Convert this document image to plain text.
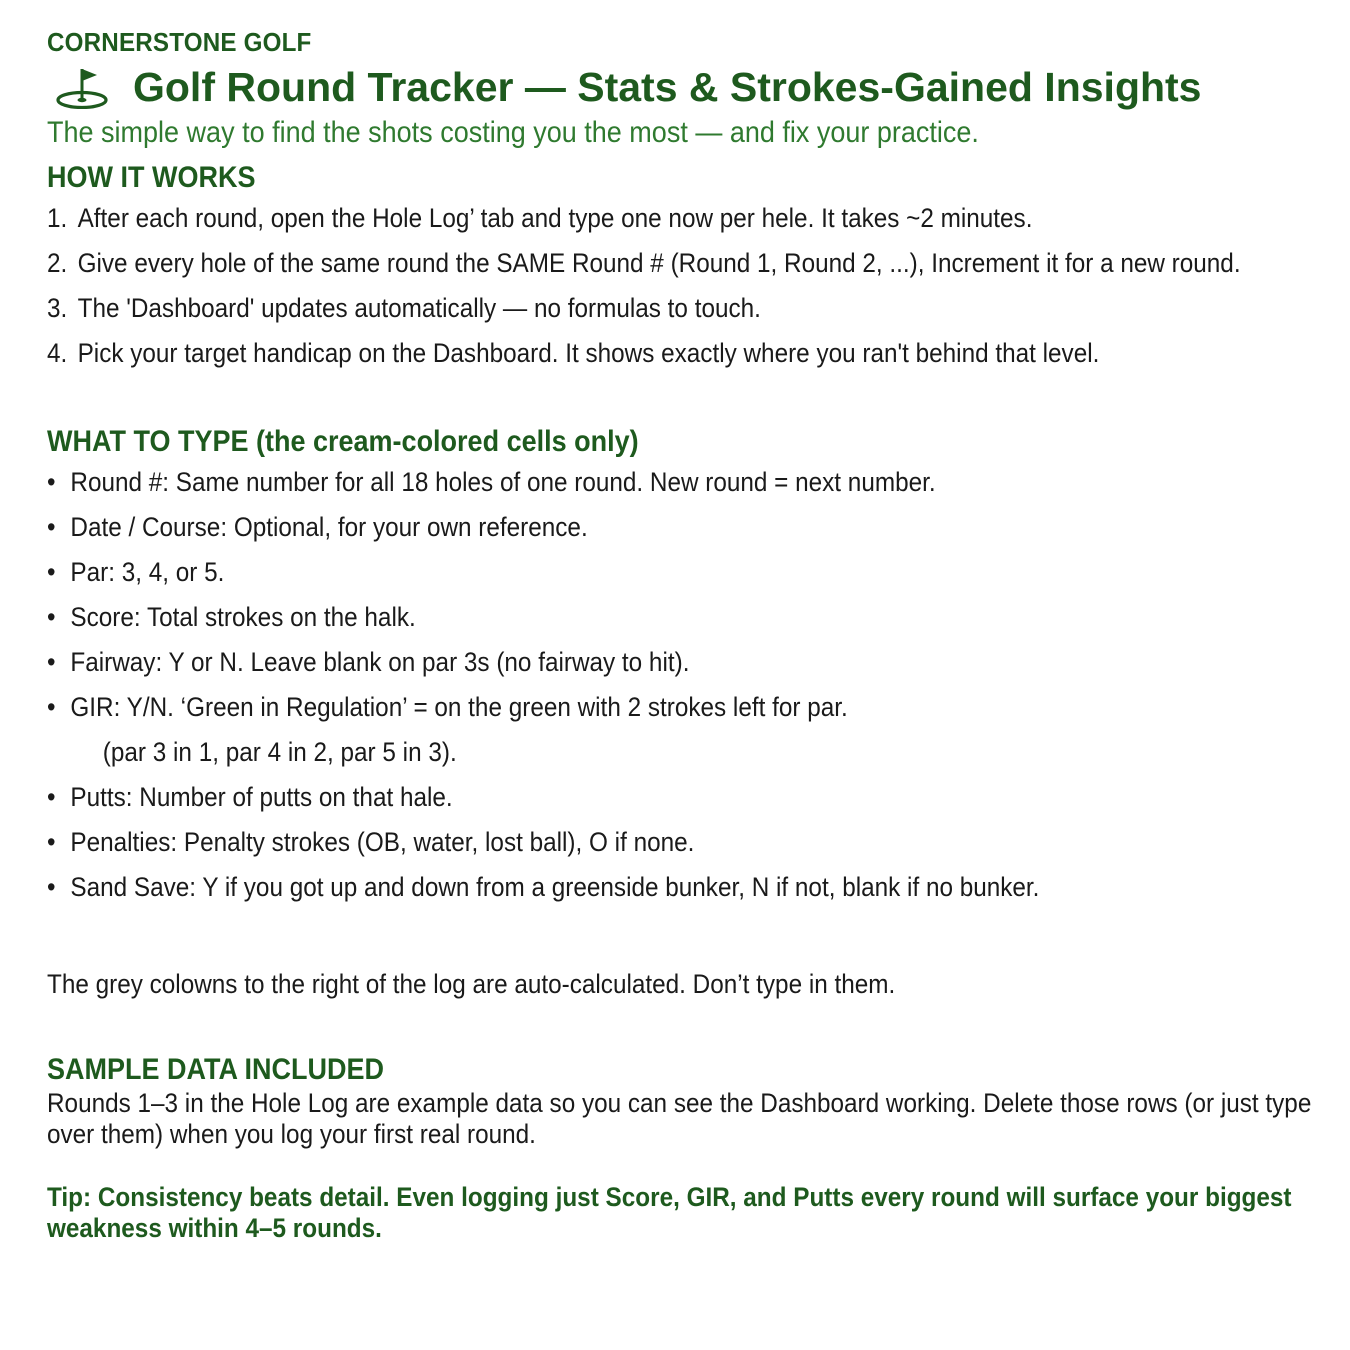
CORNERSTONE GOLF
Golf Round Tracker — Stats & Strokes-Gained Insights
The simple way to find the shots costing you the most — and fix your practice.
HOW IT WORKS
1. After each round, open the Hole Log’ tab and type one now per hele. It takes ~2 minutes.
2. Give every hole of the same round the SAME Round # (Round 1, Round 2, ...), Increment it for a new round.
3. The 'Dashboard' updates automatically — no formulas to touch.
4. Pick your target handicap on the Dashboard. It shows exactly where you ran't behind that level.
WHAT TO TYPE (the cream-colored cells only)
• Round #: Same number for all 18 holes of one round. New round = next number.
• Date / Course: Optional, for your own reference.
• Par: 3, 4, or 5.
• Score: Total strokes on the halk.
• Fairway: Y or N. Leave blank on par 3s (no fairway to hit).
• GIR: Y/N. ‘Green in Regulation’ = on the green with 2 strokes left for par.
(par 3 in 1, par 4 in 2, par 5 in 3).
• Putts: Number of putts on that hale.
• Penalties: Penalty strokes (OB, water, lost ball), O if none.
• Sand Save: Y if you got up and down from a greenside bunker, N if not, blank if no bunker.
The grey colowns to the right of the log are auto-calculated. Don’t type in them.
SAMPLE DATA INCLUDED
Rounds 1–3 in the Hole Log are example data so you can see the Dashboard working. Delete those rows (or just type over them) when you log your first real round.
Tip: Consistency beats detail. Even logging just Score, GIR, and Putts every round will surface your biggest weakness within 4–5 rounds.
